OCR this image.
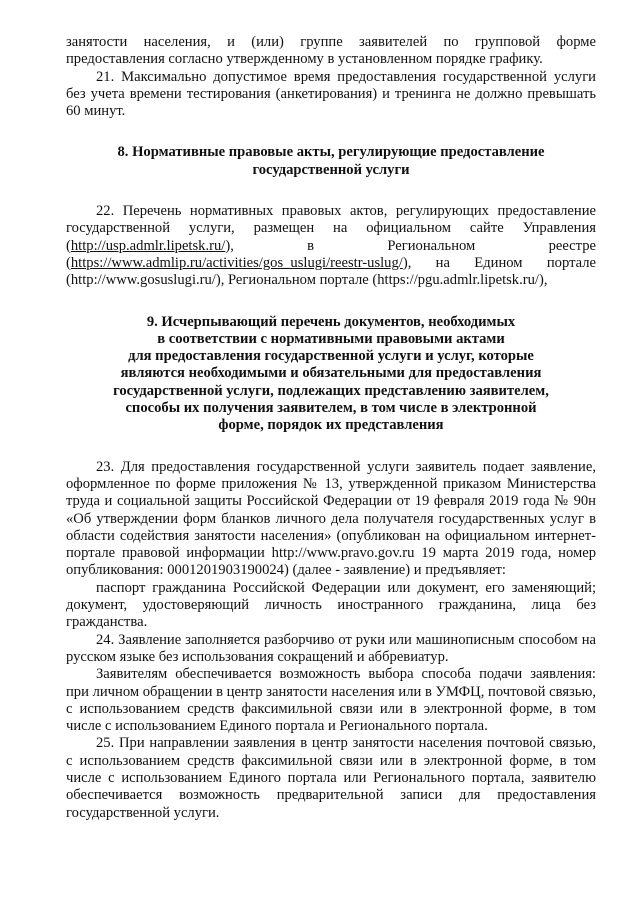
занятости населения, и (или) группе заявителей по групповой форме предоставления согласно утвержденному в установленном порядке графику.

21. Максимально допустимое время предоставления государственной услуги без учета времени тестирования (анкетирования) и тренинга не должно превышать 60 минут.

8. Нормативные правовые акты, регулирующие предоставление
государственной услуги

22. Перечень нормативных правовых актов, регулирующих предоставление государственной услуги, размещен на официальном сайте Управления (http://usp.admlr.lipetsk.ru/), в Региональном реестре (https://www.admlip.ru/activities/gos_uslugi/reestr-uslug/), на Едином портале (http://www.gosuslugi.ru/), Региональном портале (https://pgu.admlr.lipetsk.ru/),

9. Исчерпывающий перечень документов, необходимых
в соответствии с нормативными правовыми актами
для предоставления государственной услуги и услуг, которые
являются необходимыми и обязательными для предоставления
государственной услуги, подлежащих представлению заявителем,
способы их получения заявителем, в том числе в электронной
форме, порядок их представления

23. Для предоставления государственной услуги заявитель подает заявление, оформленное по форме приложения № 13, утвержденной приказом Министерства труда и социальной защиты Российской Федерации от 19 февраля 2019 года № 90н «Об утверждении форм бланков личного дела получателя государственных услуг в области содействия занятости населения» (опубликован на официальном интернет-портале правовой информации http://www.pravo.gov.ru 19 марта 2019 года, номер опубликования: 0001201903190024) (далее - заявление) и предъявляет:

паспорт гражданина Российской Федерации или документ, его заменяющий; документ, удостоверяющий личность иностранного гражданина, лица без гражданства.

24. Заявление заполняется разборчиво от руки или машинописным способом на русском языке без использования сокращений и аббревиатур.

Заявителям обеспечивается возможность выбора способа подачи заявления: при личном обращении в центр занятости населения или в УМФЦ, почтовой связью, с использованием средств факсимильной связи или в электронной форме, в том числе с использованием Единого портала и Регионального портала.

25. При направлении заявления в центр занятости населения почтовой связью, с использованием средств факсимильной связи или в электронной форме, в том числе с использованием Единого портала или Регионального портала, заявителю обеспечивается возможность предварительной записи для предоставления государственной услуги.
